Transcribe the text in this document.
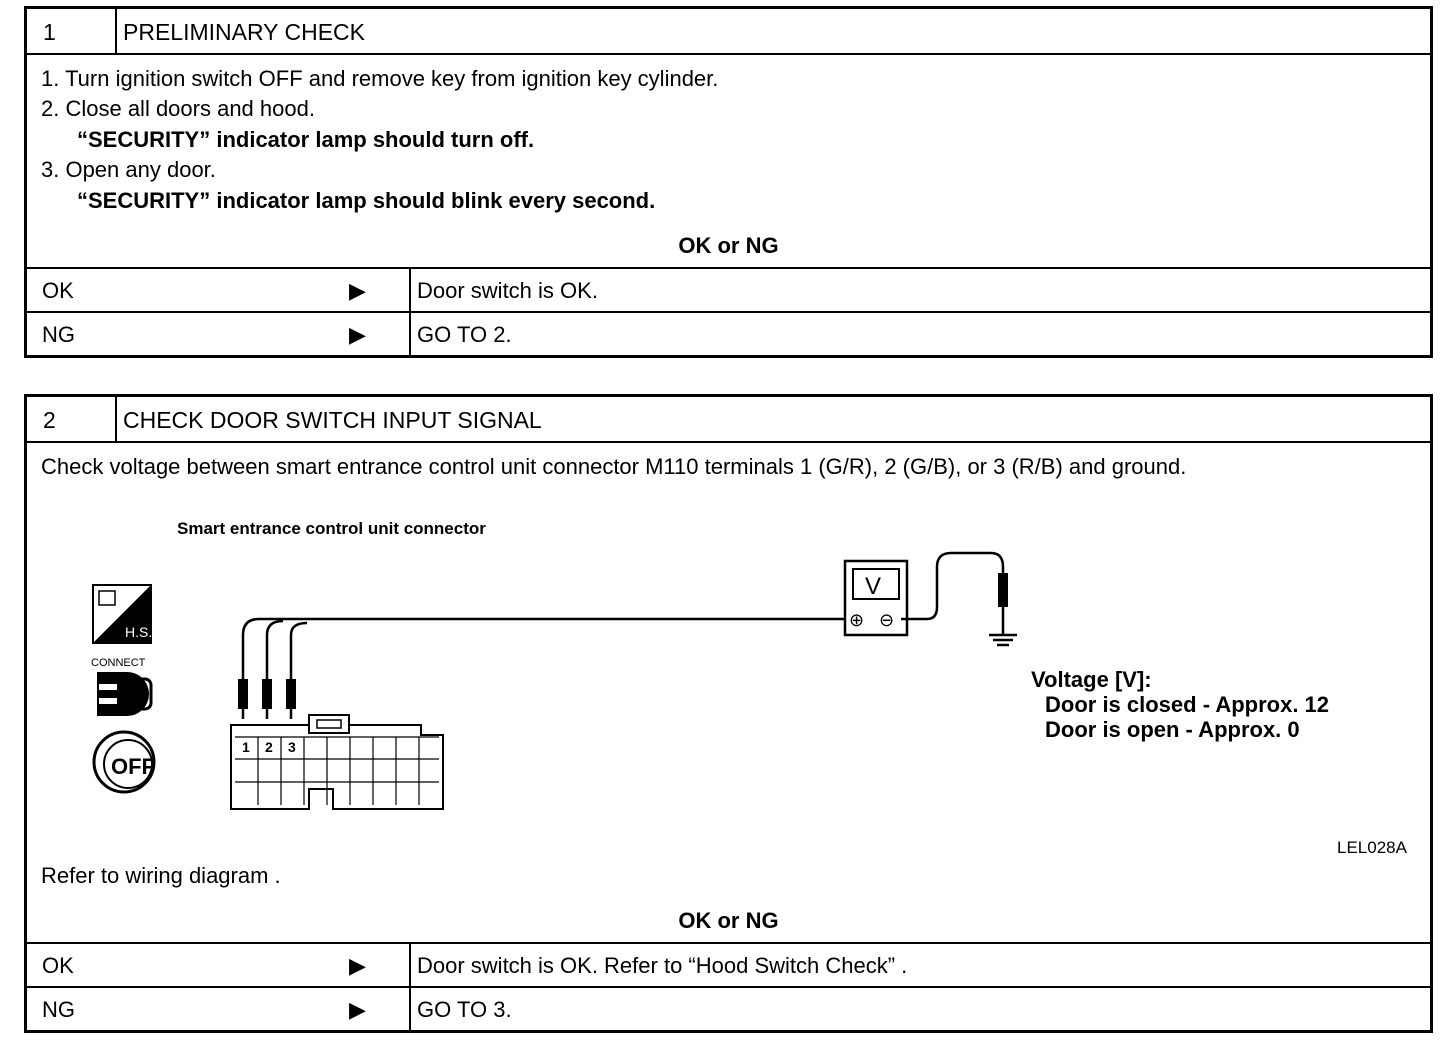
1	PRELIMINARY CHECK
1. Turn ignition switch OFF and remove key from ignition key cylinder.
2. Close all doors and hood.
“SECURITY” indicator lamp should turn off.
3. Open any door.
“SECURITY” indicator lamp should blink every second.
OK or NG
OK	▶ Door switch is OK.
NG	▶ GO TO 2.
2	CHECK DOOR SWITCH INPUT SIGNAL
Check voltage between smart entrance control unit connector M110 terminals 1 (G/R), 2 (G/B), or 3 (R/B) and ground.
Smart entrance control unit connector
H.S.
CONNECT
OFF
1 2 3
V
⊕ ⊖
Voltage [V]:
Door is closed - Approx. 12
Door is open - Approx. 0
LEL028A
Refer to wiring diagram .
OK or NG
OK	▶ Door switch is OK. Refer to “Hood Switch Check” .
NG	▶ GO TO 3.
